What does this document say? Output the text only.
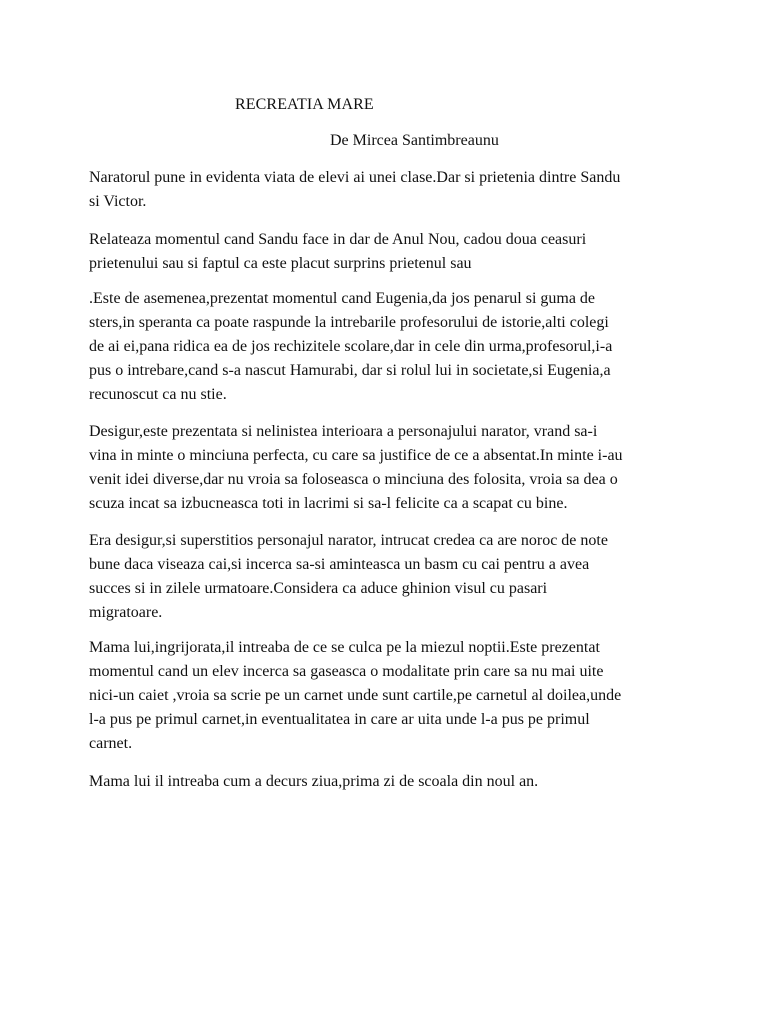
RECREATIA MARE

De Mircea Santimbreaunu

Naratorul pune in evidenta viata de elevi ai unei clase.Dar si prietenia dintre Sandu
si Victor.

Relateaza momentul cand Sandu face in dar de Anul Nou, cadou doua ceasuri
prietenului sau si faptul ca este placut surprins prietenul sau

.Este de asemenea,prezentat momentul cand Eugenia,da jos penarul si guma de
sters,in speranta ca poate raspunde la intrebarile profesorului de istorie,alti colegi
de ai ei,pana ridica ea de jos rechizitele scolare,dar in cele din urma,profesorul,i-a
pus o intrebare,cand s-a nascut Hamurabi, dar si rolul lui in societate,si Eugenia,a
recunoscut ca nu stie.

Desigur,este prezentata si nelinistea interioara a personajului narator, vrand sa-i
vina in minte o minciuna perfecta, cu care sa justifice de ce a absentat.In minte i-au
venit idei diverse,dar nu vroia sa foloseasca o minciuna des folosita, vroia sa dea o
scuza incat sa izbucneasca toti in lacrimi si sa-l felicite ca a scapat cu bine.

Era desigur,si superstitios personajul narator, intrucat credea ca are noroc de note
bune daca viseaza cai,si incerca sa-si aminteasca un basm cu cai pentru a avea
succes si in zilele urmatoare.Considera ca aduce ghinion visul cu pasari
migratoare.

Mama lui,ingrijorata,il intreaba de ce se culca pe la miezul noptii.Este prezentat
momentul cand un elev incerca sa gaseasca o modalitate prin care sa nu mai uite
nici-un caiet ,vroia sa scrie pe un carnet unde sunt cartile,pe carnetul al doilea,unde
l-a pus pe primul carnet,in eventualitatea in care ar uita unde l-a pus pe primul
carnet.

Mama lui il intreaba cum a decurs ziua,prima zi de scoala din noul an.
